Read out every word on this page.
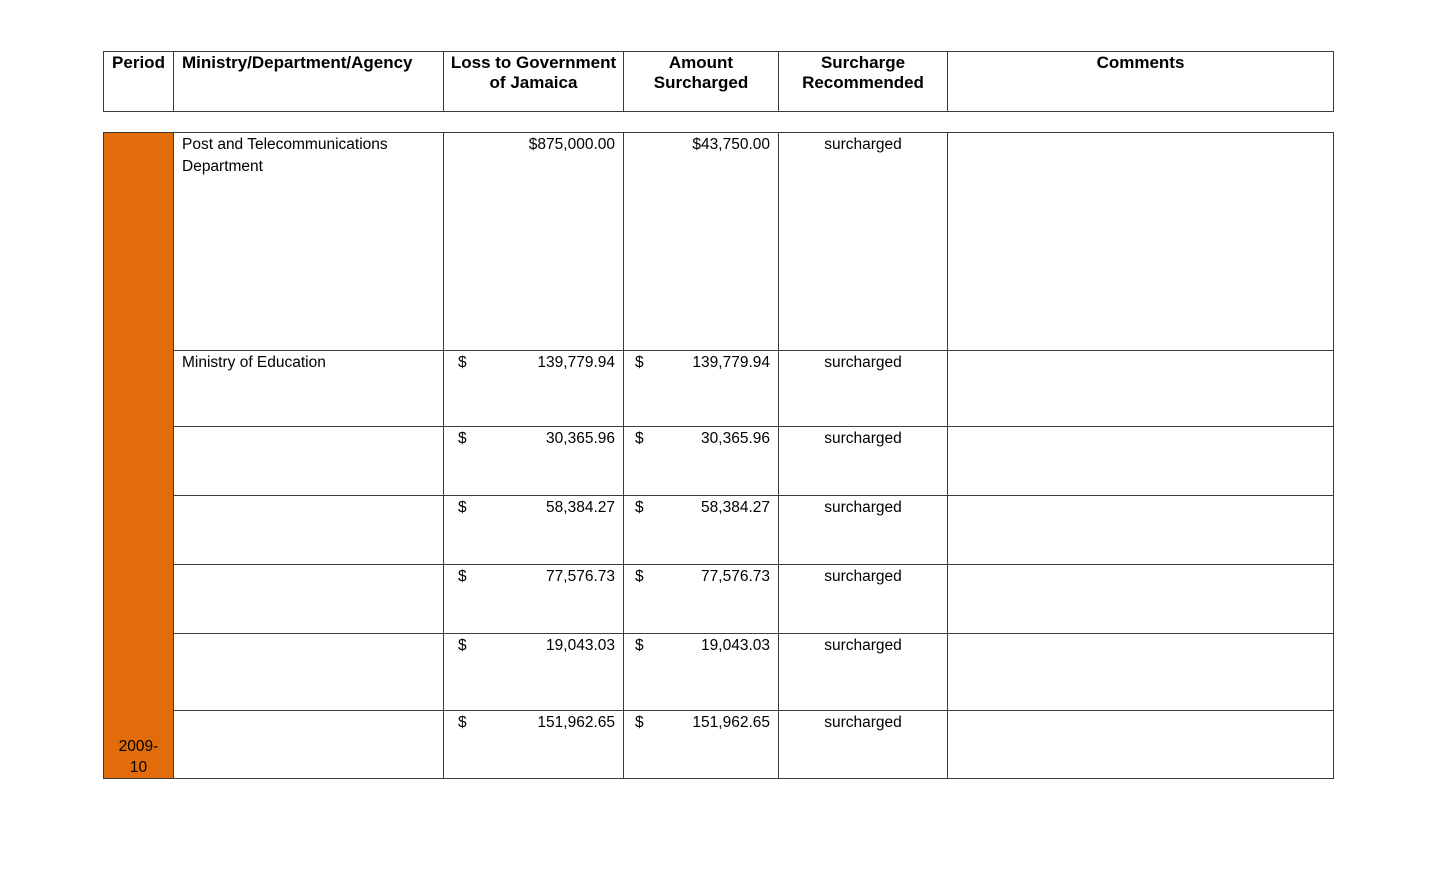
Period	Ministry/Department/Agency	Loss to Government of Jamaica	Amount Surcharged	Surcharge Recommended	Comments
2009-10	Post and Telecommunications Department	$875,000.00	$43,750.00	surcharged	
	Ministry of Education	$ 139,779.94	$ 139,779.94	surcharged	

		$ 30,365.96	$ 30,365.96	surcharged	

		$ 58,384.27	$ 58,384.27	surcharged	

		$ 77,576.73	$ 77,576.73	surcharged	

		$ 19,043.03	$ 19,043.03	surcharged	

		$ 151,962.65	$ 151,962.65	surcharged	
